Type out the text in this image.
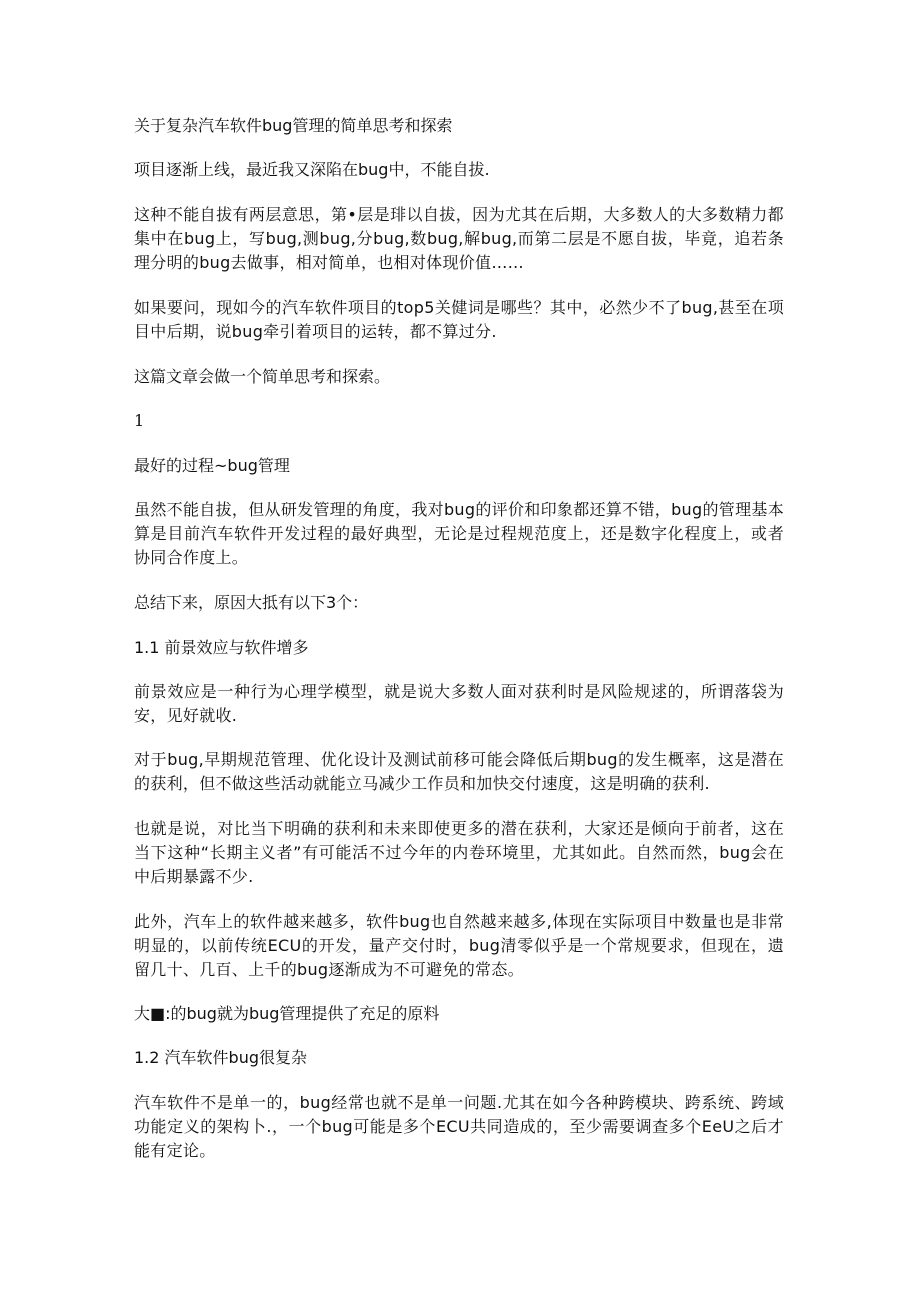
关于复杂汽车软件bug管理的简单思考和探索

项目逐渐上线，最近我又深陷在bug中，不能自拔.

这种不能自拔有两层意思，第•层是琲以自拔，因为尤其在后期，大多数人的大多数精力都集中在bug上，写bug,测bug,分bug,数bug,解bug,而第二层是不愿自拔，毕竟，追若条理分明的bug去做事，相对简单，也相对体现价值……

如果要问，现如今的汽车软件项目的top5关健词是哪些？其中，必然少不了bug,甚至在项目中后期，说bug牵引着项目的运转，都不算过分.

这篇文章会做一个简单思考和探索。

1

最好的过程~bug管理

虽然不能自拔，但从研发管理的角度，我对bug的评价和印象都还算不错，bug的管理基本算是目前汽车软件开发过程的最好典型，无论是过程规范度上，还是数字化程度上，或者协同合作度上。

总结下来，原因大抵有以下3个：

1.1 前景效应与软件增多

前景效应是一种行为心理学模型，就是说大多数人面对获利时是风险规逑的，所谓落袋为安，见好就收.

对于bug,早期规范管理、优化设计及测试前移可能会降低后期bug的发生概率，这是潜在的获利，但不做这些活动就能立马减少工作员和加快交付速度，这是明确的获利.

也就是说，对比当下明确的获利和未来即使更多的潜在获利，大家还是倾向于前者，这在当下这种“长期主义者”有可能活不过今年的内卷环境里，尤其如此。自然而然，bug会在中后期暴露不少.

此外，汽车上的软件越来越多，软件bug也自然越来越多,体现在实际项目中数量也是非常明显的，以前传统ECU的开发，量产交付时，bug清零似乎是一个常规要求，但现在，遗留几十、几百、上千的bug逐渐成为不可避免的常态。

大■:的bug就为bug管理提供了充足的原料

1.2 汽车软件bug很复杂

汽车软件不是单一的，bug经常也就不是单一问题.尤其在如今各种跨模块、跨系统、跨域功能定义的架构卜.，一个bug可能是多个ECU共同造成的，至少需要调查多个EeU之后才能有定论。
